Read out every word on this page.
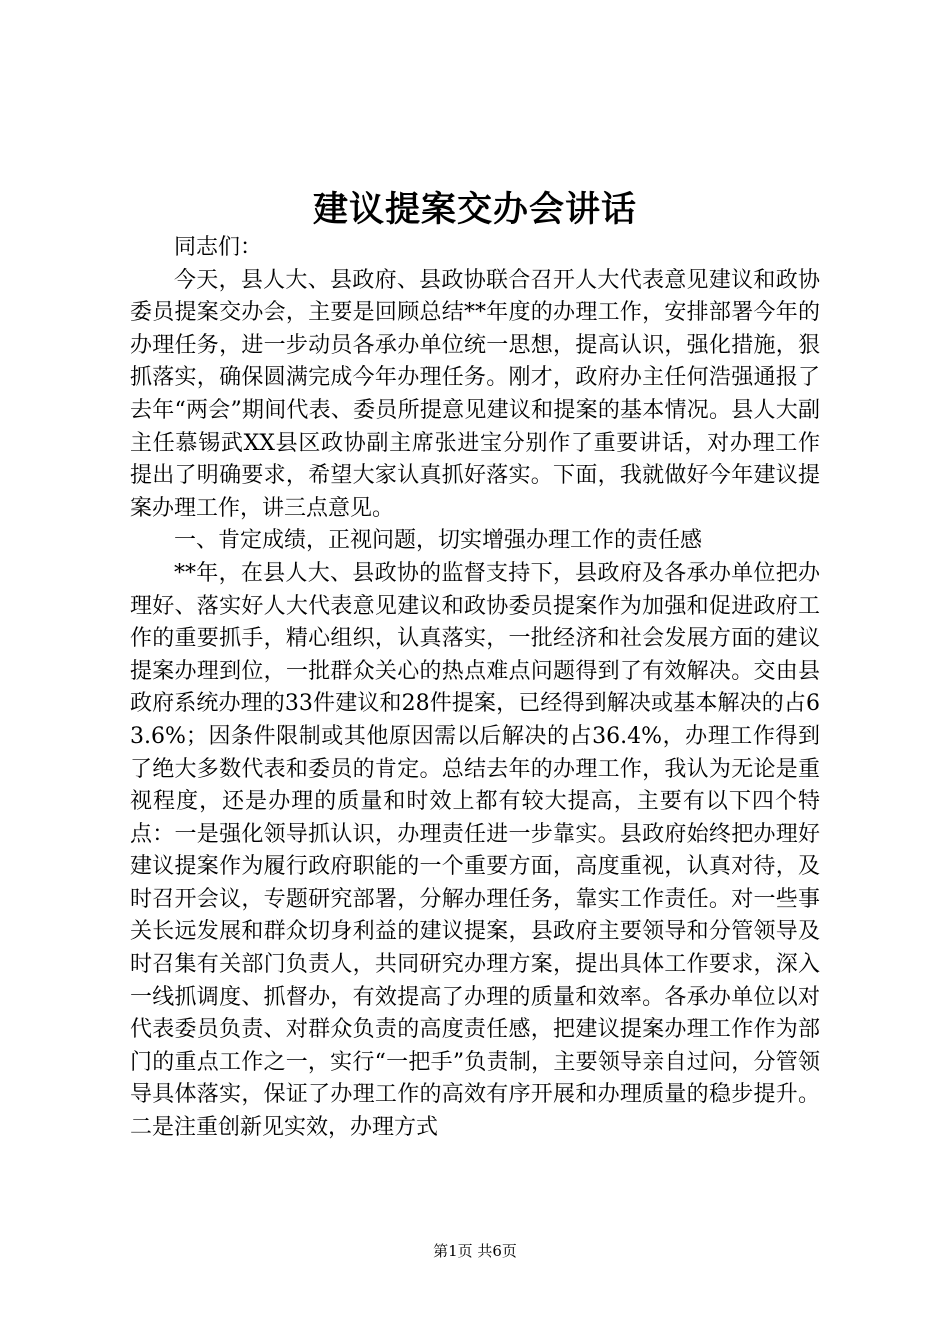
建议提案交办会讲话

同志们：

今天，县人大、县政府、县政协联合召开人大代表意见建议和政协委员提案交办会，主要是回顾总结**年度的办理工作，安排部署今年的办理任务，进一步动员各承办单位统一思想，提高认识，强化措施，狠抓落实，确保圆满完成今年办理任务。刚才，政府办主任何浩强通报了去年“两会”期间代表、委员所提意见建议和提案的基本情况。县人大副主任慕锡武XX县区政协副主席张进宝分别作了重要讲话，对办理工作提出了明确要求，希望大家认真抓好落实。下面，我就做好今年建议提案办理工作，讲三点意见。

一、肯定成绩，正视问题，切实增强办理工作的责任感

**年，在县人大、县政协的监督支持下，县政府及各承办单位把办理好、落实好人大代表意见建议和政协委员提案作为加强和促进政府工作的重要抓手，精心组织，认真落实，一批经济和社会发展方面的建议提案办理到位，一批群众关心的热点难点问题得到了有效解决。交由县政府系统办理的33件建议和28件提案，已经得到解决或基本解决的占63.6%；因条件限制或其他原因需以后解决的占36.4%，办理工作得到了绝大多数代表和委员的肯定。总结去年的办理工作，我认为无论是重视程度，还是办理的质量和时效上都有较大提高，主要有以下四个特点：一是强化领导抓认识，办理责任进一步靠实。县政府始终把办理好建议提案作为履行政府职能的一个重要方面，高度重视，认真对待，及时召开会议，专题研究部署，分解办理任务，靠实工作责任。对一些事关长远发展和群众切身利益的建议提案，县政府主要领导和分管领导及时召集有关部门负责人，共同研究办理方案，提出具体工作要求，深入一线抓调度、抓督办，有效提高了办理的质量和效率。各承办单位以对代表委员负责、对群众负责的高度责任感，把建议提案办理工作作为部门的重点工作之一，实行“一把手”负责制，主要领导亲自过问，分管领导具体落实，保证了办理工作的高效有序开展和办理质量的稳步提升。二是注重创新见实效，办理方式

第1页 共6页
